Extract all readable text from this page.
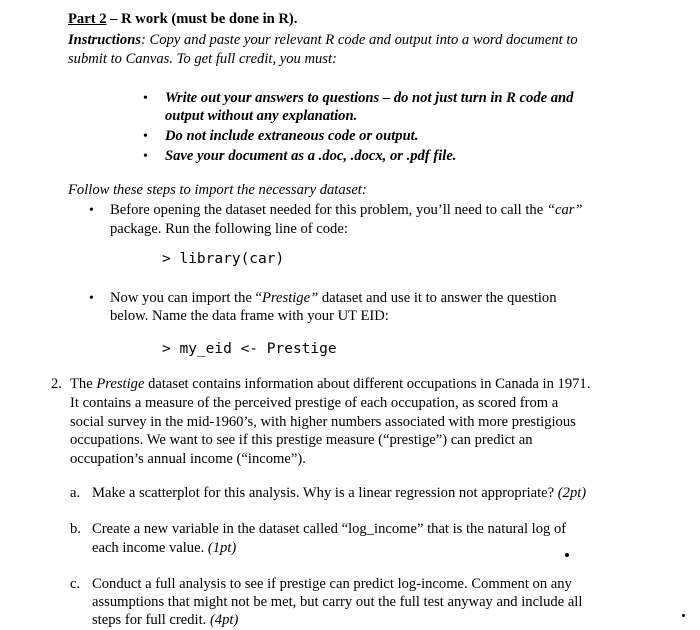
Part 2 – R work (must be done in R).
Instructions: Copy and paste your relevant R code and output into a word document to
submit to Canvas. To get full credit, you must:
• Write out your answers to questions – do not just turn in R code and
output without any explanation.
• Do not include extraneous code or output.
• Save your document as a .doc, .docx, or .pdf file.
Follow these steps to import the necessary dataset:
• Before opening the dataset needed for this problem, you’ll need to call the “car”
package. Run the following line of code:
> library(car)
• Now you can import the “Prestige” dataset and use it to answer the question
below. Name the data frame with your UT EID:
> my_eid <- Prestige
2. The Prestige dataset contains information about different occupations in Canada in 1971.
It contains a measure of the perceived prestige of each occupation, as scored from a
social survey in the mid-1960’s, with higher numbers associated with more prestigious
occupations. We want to see if this prestige measure (“prestige”) can predict an
occupation’s annual income (“income”).
a. Make a scatterplot for this analysis. Why is a linear regression not appropriate? (2pt)
b. Create a new variable in the dataset called “log_income” that is the natural log of
each income value. (1pt)
c. Conduct a full analysis to see if prestige can predict log-income. Comment on any
assumptions that might not be met, but carry out the full test anyway and include all
steps for full credit. (4pt)
